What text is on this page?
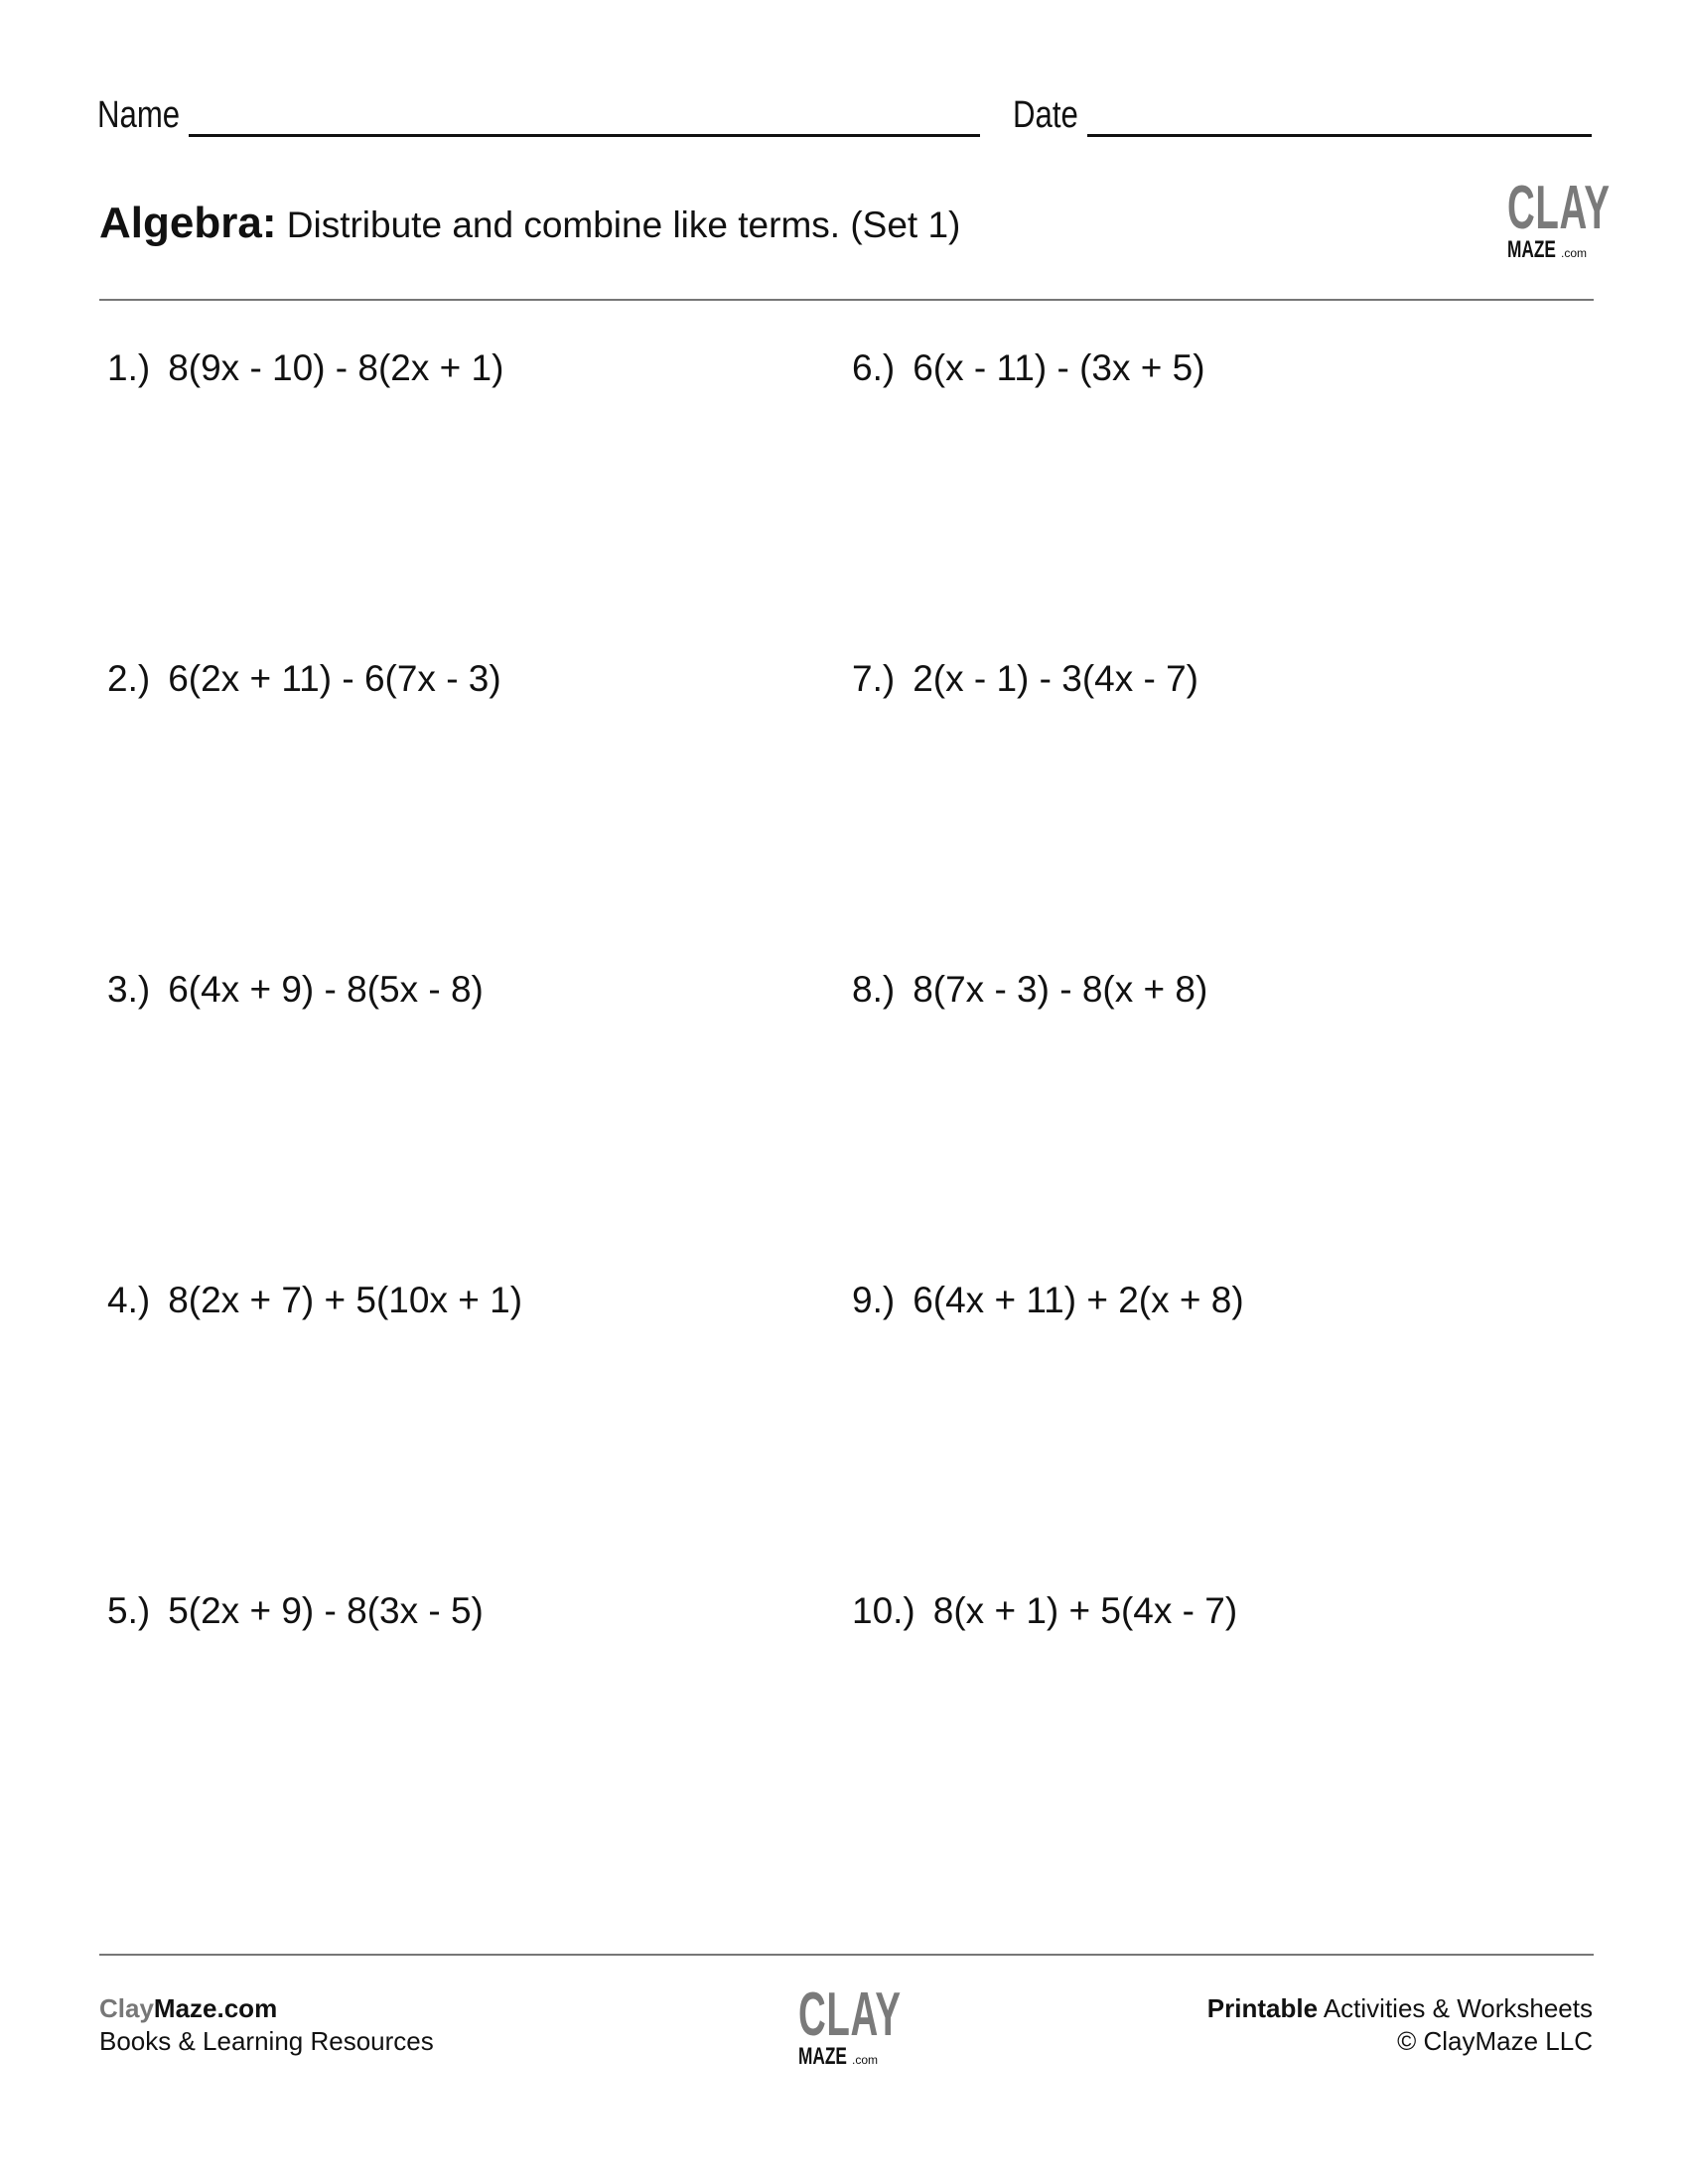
Name	Date
Algebra: Distribute and combine like terms. (Set 1)	CLAY
MAZE .com
1.) 8(9x - 10) - 8(2x + 1)
2.) 6(2x + 11) - 6(7x - 3)
3.) 6(4x + 9) - 8(5x - 8)
4.) 8(2x + 7) + 5(10x + 1)
5.) 5(2x + 9) - 8(3x - 5)
6.) 6(x - 11) - (3x + 5)
7.) 2(x - 1) - 3(4x - 7)
8.) 8(7x - 3) - 8(x + 8)
9.) 6(4x + 11) + 2(x + 8)
10.) 8(x + 1) + 5(4x - 7)
ClayMaze.com
Books & Learning Resources	CLAY
MAZE .com
Printable Activities & Worksheets
© ClayMaze LLC
